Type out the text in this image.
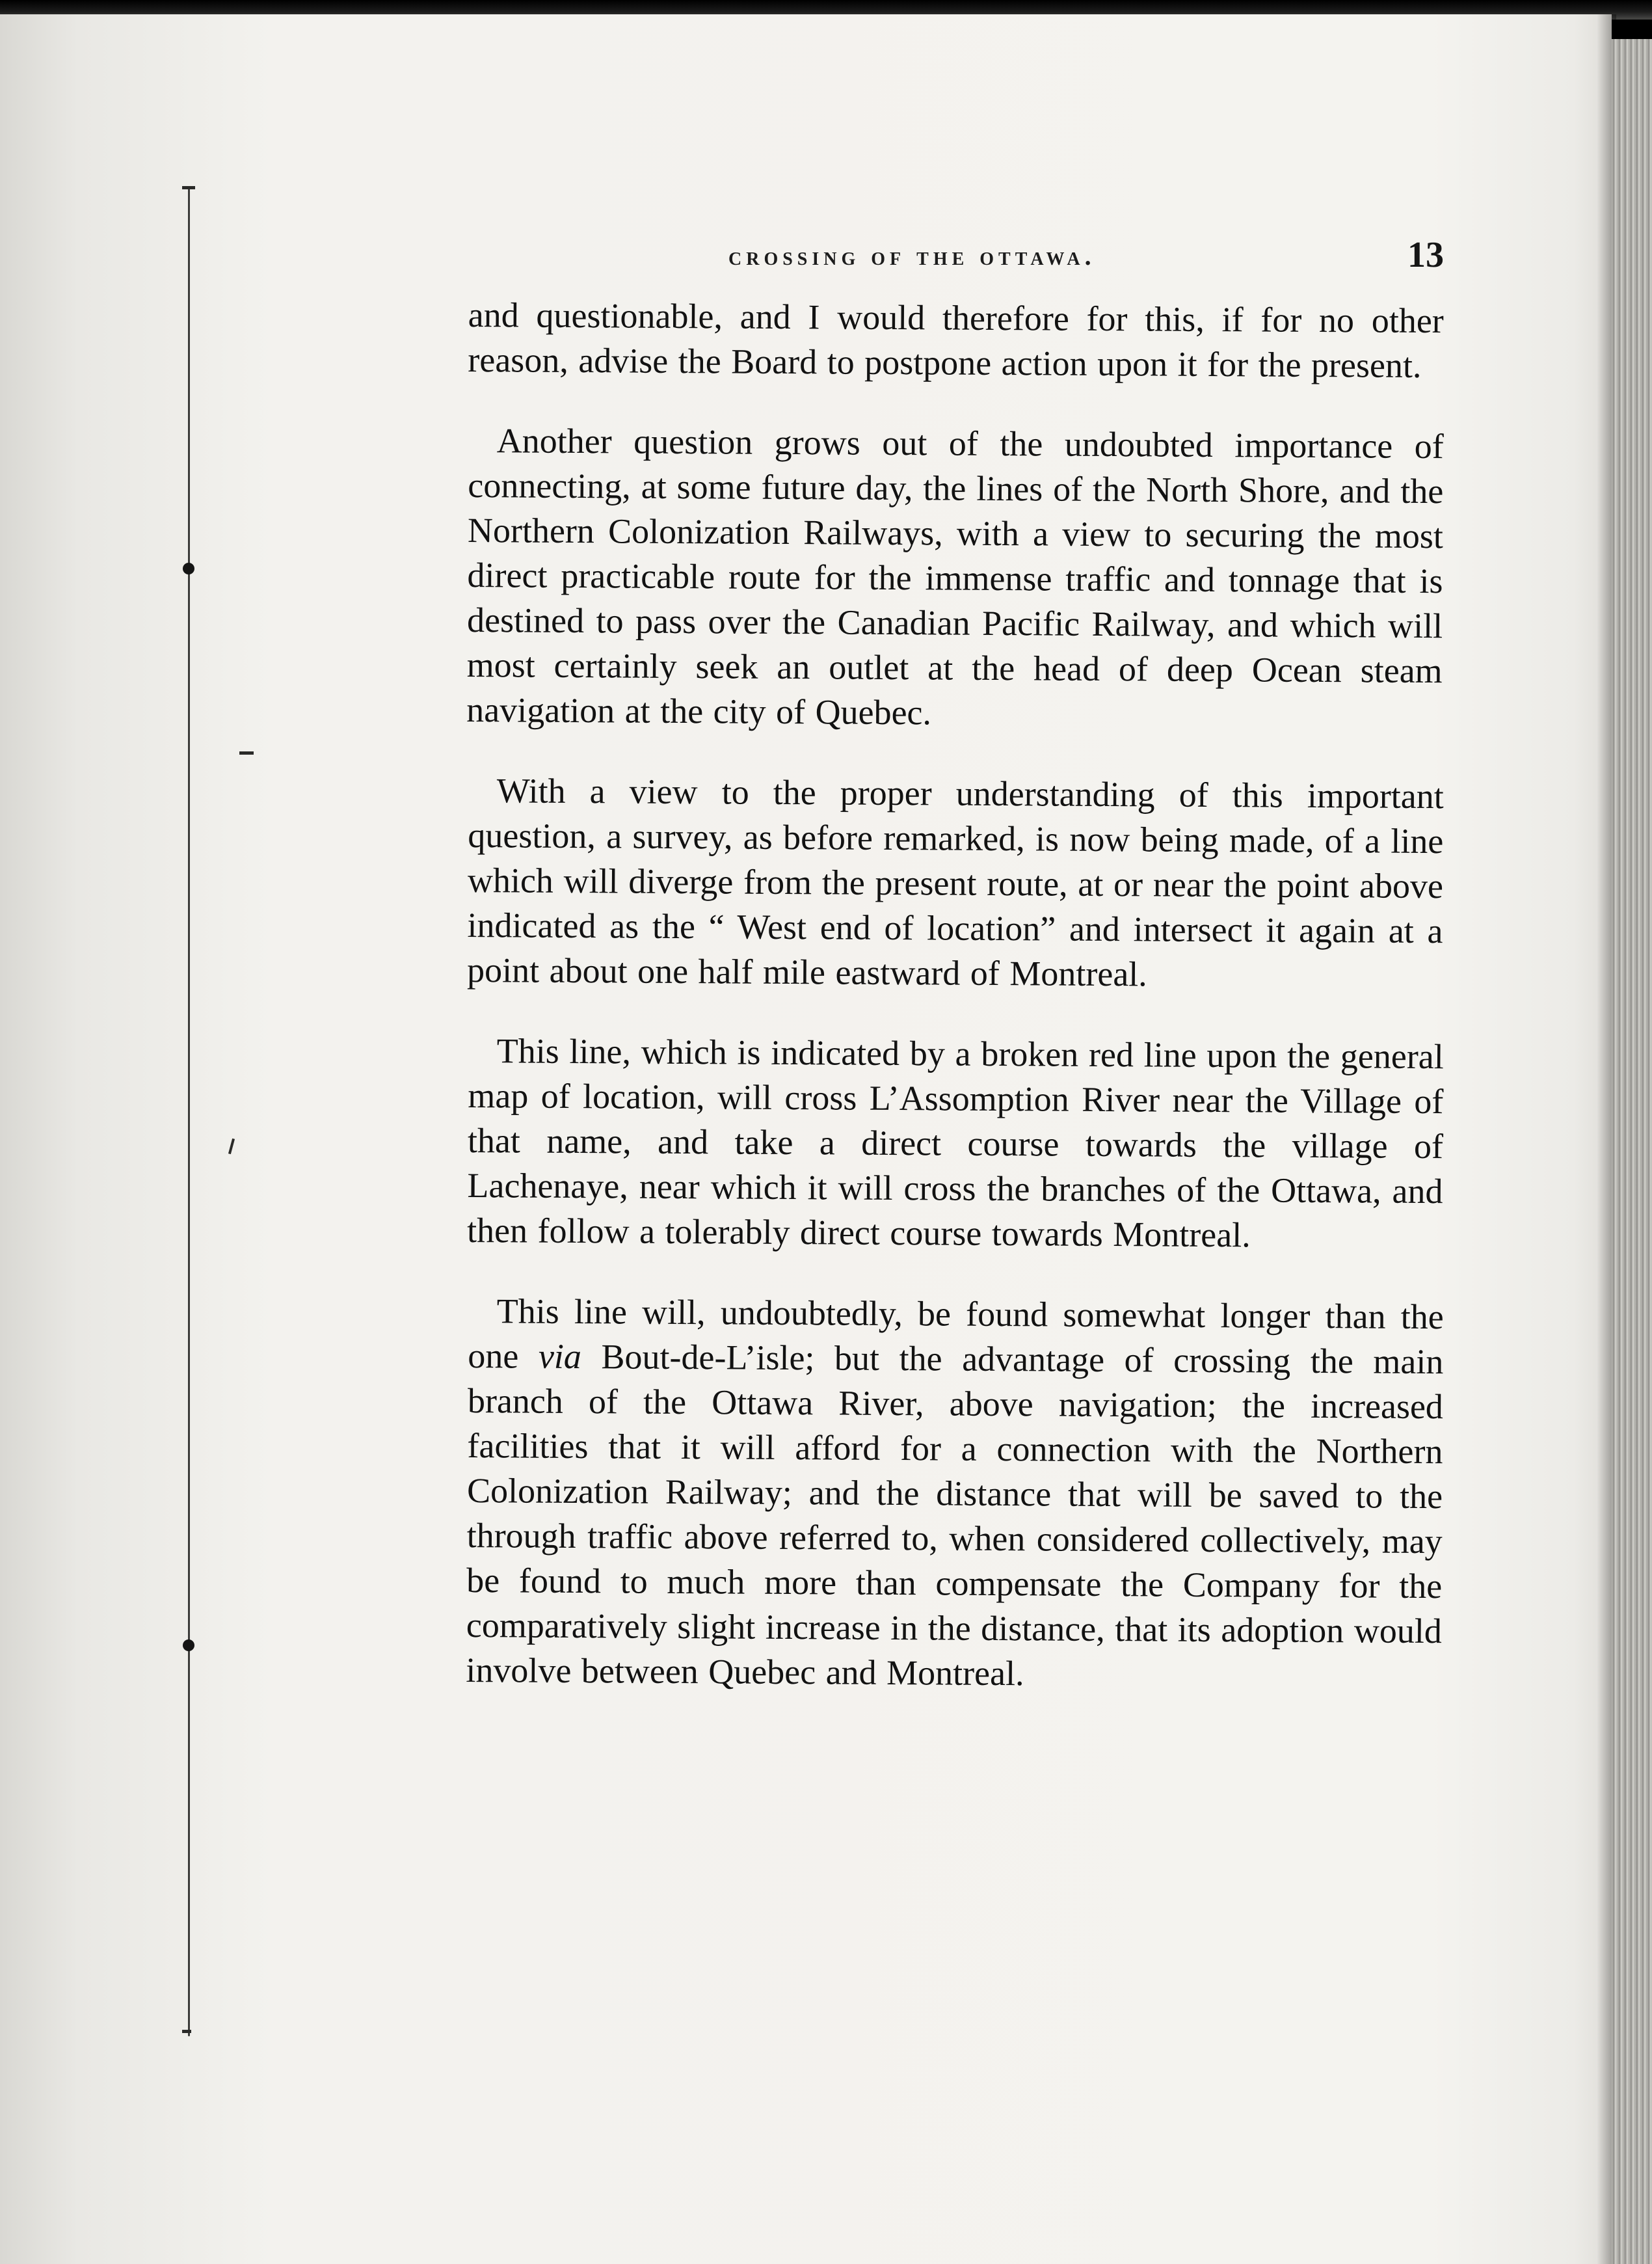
crossing of the ottawa.	13

and questionable, and I would therefore for this, if for no other reason, advise the Board to postpone action upon it for the present.

Another question grows out of the undoubted importance of connecting, at some future day, the lines of the North Shore, and the Northern Colonization Railways, with a view to securing the most direct practicable route for the immense traffic and tonnage that is destined to pass over the Canadian Pacific Railway, and which will most certainly seek an outlet at the head of deep Ocean steam navigation at the city of Quebec.

With a view to the proper understanding of this important question, a survey, as before remarked, is now being made, of a line which will diverge from the present route, at or near the point above indicated as the “ West end of location” and intersect it again at a point about one half mile eastward of Montreal.

This line, which is indicated by a broken red line upon the general map of location, will cross L’Assomption River near the Village of that name, and take a direct course towards the village of Lachenaye, near which it will cross the branches of the Ottawa, and then follow a tolerably direct course towards Montreal.

This line will, undoubtedly, be found somewhat longer than the one via Bout-de-L’isle; but the advantage of crossing the main branch of the Ottawa River, above navigation; the increased facilities that it will afford for a connection with the Northern Colonization Railway; and the distance that will be saved to the through traffic above referred to, when considered collectively, may be found to much more than compensate the Company for the comparatively slight increase in the distance, that its adoption would involve between Quebec and Montreal.
